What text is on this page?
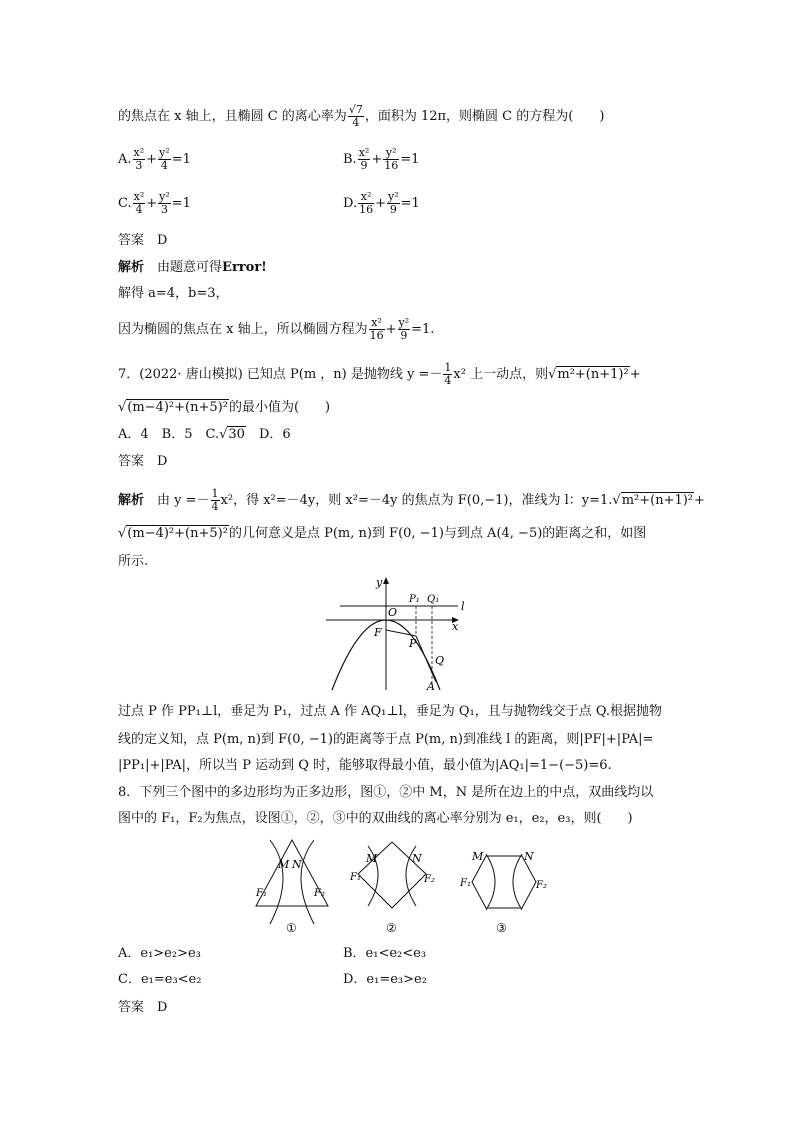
的焦点在 x 轴上，且椭圆 C 的离心率为 $\frac{√7}{4}$ ，面积为 12π，则椭圆 C 的方程为(　　)
A. $\frac{\text{x²}}{3} + \frac{\text{y²}}{4} =1$	B. $\frac{\text{x²}}{9} + \frac{\text{y²}}{16} =1$
C. $\frac{\text{x²}}{4} + \frac{\text{y²}}{3} =1$	D. $\frac{\text{x²}}{16} + \frac{\text{y²}}{9} =1$
答案　D
解析　 由题意可得Error!
解得 a=4，b=3，
因为椭圆的焦点在 x 轴上，所以椭圆方程为 $\frac{\text{x²}}{16} + \frac{\text{y²}}{9} =1$.
7．(2022· 唐山模拟) 已知点 P(m ，n) 是抛物线 $y =- \frac{1}{4} x^2$ 上一动点，则√m²+(n+1)²+
√(m−4)²+(n+5)²的最小值为(　　)
A．4　B．5　C.√30　D．6
答案　D
解析　 由 $y =- \frac{1}{4} x^2$，得 x²=－4y，则 x²=－4y 的焦点为 F(0,−1)，准线为 l：y=1.√m²+(n+1)²+
√(m−4)²+(n+5)²的几何意义是点 P(m, n)到 F(0, −1)与到点 A(4, −5)的距离之和，如图
所示.
y
x
l
O
F
P₁
P
Q₁
Q
A
过点 P 作 PP₁⊥l，垂足为 P₁，过点 A 作 AQ₁⊥l，垂足为 Q₁，且与抛物线交于点 Q.根据抛物
线的定义知，点 P(m, n)到 F(0, −1)的距离等于点 P(m, n)到准线 l 的距离，则|PF|+|PA|=
|PP₁|+|PA|，所以当 P 运动到 Q 时，能够取得最小值，最小值为|AQ₁|=1−(−5)=6.
8．下列三个图中的多边形均为正多边形，图①，②中 M，N 是所在边上的中点，双曲线均以
图中的 F₁，F₂为焦点，设图①，②，③中的双曲线的离心率分别为 e₁，e₂，e₃，则(　　)
M N
F₁	F₂
①
M	N
F₁	F₂
②
M	N
F₁	F₂
③
A．e₁>e₂>e₃	B．e₁<e₂<e₃
C．e₁=e₃<e₂	D．e₁=e₃>e₂
答案　D
